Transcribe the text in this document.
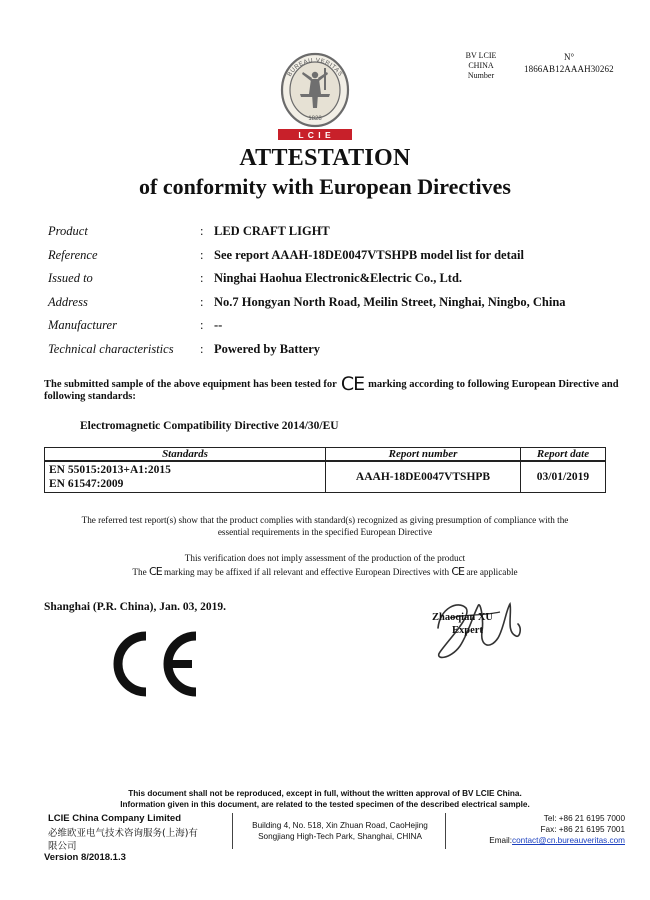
BV LCIE
CHINA
Number
N°
1866AB12AAAH30262
BUREAU VERITAS
1828
L C I E
ATTESTATION
of conformity with European Directives
Product	: LED CRAFT LIGHT
Reference	: See report AAAH-18DE0047VTSHPB model list for detail
Issued to	: Ninghai Haohua Electronic&Electric Co., Ltd.
Address	: No.7 Hongyan North Road, Meilin Street, Ninghai, Ningbo, China
Manufacturer	: --
Technical characteristics : Powered by Battery
The submitted sample of the above equipment has been tested for CE marking according to following European Directive and following standards:
Electromagnetic Compatibility Directive 2014/30/EU
Standards	Report number	Report date

EN 55015:2013+A1:2015
EN 61547:2009	AAAH-18DE0047VTSHPB	03/01/2019
The referred test report(s) show that the product complies with standard(s) recognized as giving presumption of compliance with the
essential requirements in the specified European Directive
This verification does not imply assessment of the production of the product
The CE marking may be affixed if all relevant and effective European Directives with CE are applicable
Shanghai (P.R. China), Jan. 03, 2019.
Zhaoqian XU
Expert
This document shall not be reproduced, except in full, without the written approval of BV LCIE China.
Information given in this document, are related to the tested specimen of the described electrical sample.
LCIE China Company Limited
必维欧亚电气技术咨询服务(上海)有
限公司
Version 8/2018.1.3
Building 4, No. 518, Xin Zhuan Road, CaoHejing
Songjiang High-Tech Park, Shanghai, CHINA
Tel: +86 21 6195 7000
Fax: +86 21 6195 7001
Email:contact@cn.bureauveritas.com
